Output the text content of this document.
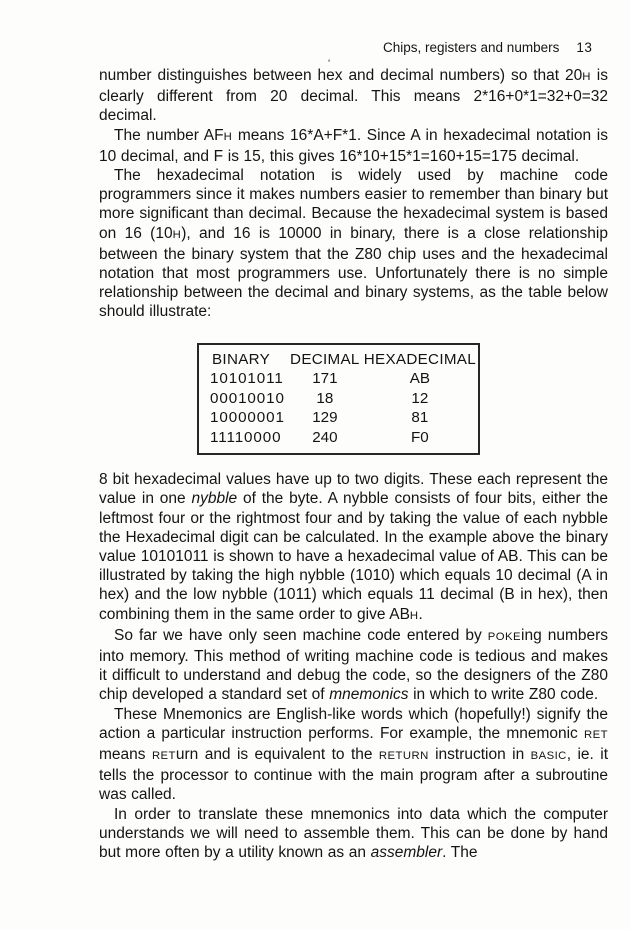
Chips, registers and numbers 13
'

number distinguishes between hex and decimal numbers) so that 20H is clearly different from 20 decimal. This means 2*16+0*1=32+0=32 decimal.

The number AFH means 16*A+F*1. Since A in hexadecimal notation is 10 decimal, and F is 15, this gives 16*10+15*1=160+15=175 decimal.

The hexadecimal notation is widely used by machine code programmers since it makes numbers easier to remember than binary but more significant than decimal. Because the hexadecimal system is based on 16 (10H), and 16 is 10000 in binary, there is a close relationship between the binary system that the Z80 chip uses and the hexadecimal notation that most programmers use. Unfortunately there is no simple relationship between the decimal and binary systems, as the table below should illustrate:

BINARY	DECIMAL	HEXADECIMAL
10101011	171	AB
00010010	18	12
10000001	129	81
11110000	240	F0

8 bit hexadecimal values have up to two digits. These each represent the value in one nybble of the byte. A nybble consists of four bits, either the leftmost four or the rightmost four and by taking the value of each nybble the Hexadecimal digit can be calculated. In the example above the binary value 10101011 is shown to have a hexadecimal value of AB. This can be illustrated by taking the high nybble (1010) which equals 10 decimal (A in hex) and the low nybble (1011) which equals 11 decimal (B in hex), then combining them in the same order to give ABH.

So far we have only seen machine code entered by POKEing numbers into memory. This method of writing machine code is tedious and makes it difficult to understand and debug the code, so the designers of the Z80 chip developed a standard set of mnemonics in which to write Z80 code.

These Mnemonics are English-like words which (hopefully!) signify the action a particular instruction performs. For example, the mnemonic RET means RETurn and is equivalent to the RETURN instruction in BASIC, ie. it tells the processor to continue with the main program after a subroutine was called.

In order to translate these mnemonics into data which the computer understands we will need to assemble them. This can be done by hand but more often by a utility known as an assembler. The
